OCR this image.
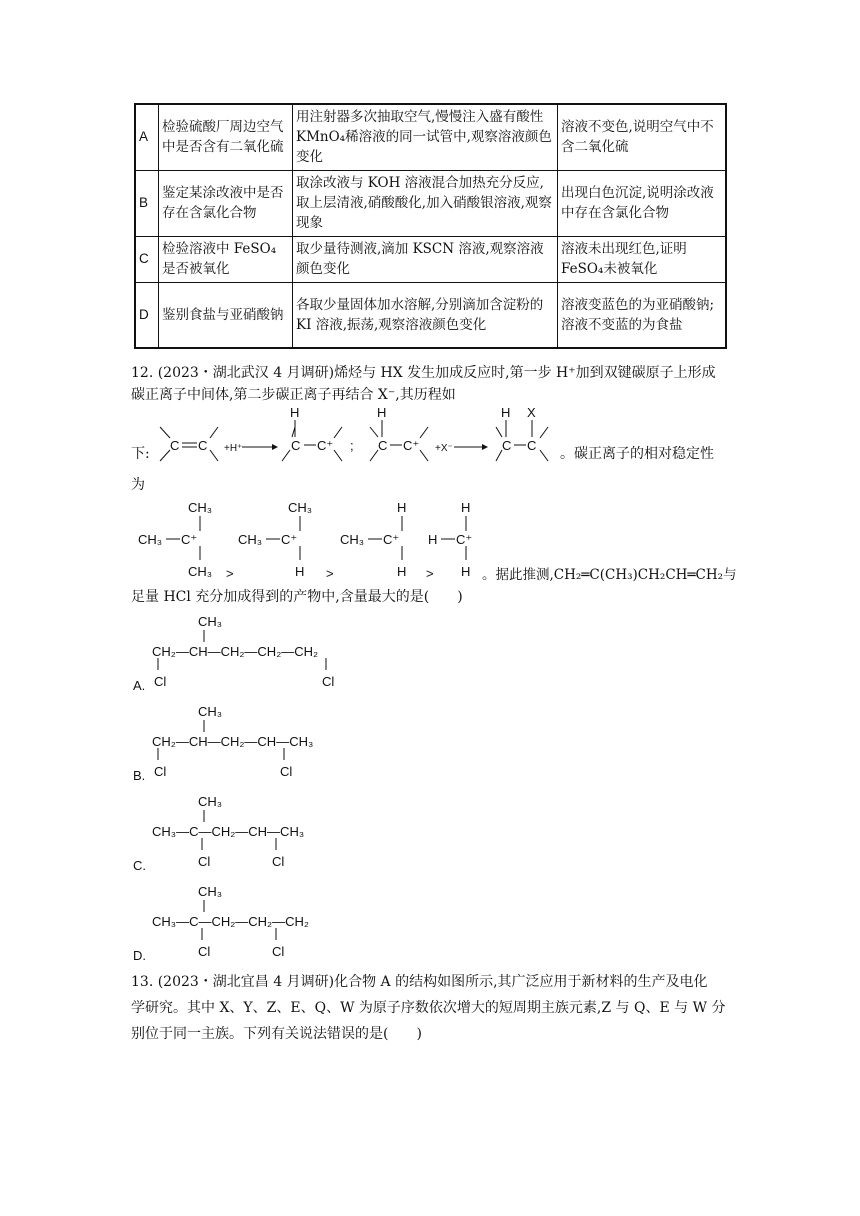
A	检验硫酸厂周边空气中是否含有二氧化硫	用注射器多次抽取空气,慢慢注入盛有酸性 KMnO₄稀溶液的同一试管中,观察溶液颜色变化	溶液不变色,说明空气中不含二氧化硫
B	鉴定某涂改液中是否存在含氯化合物	取涂改液与 KOH 溶液混合加热充分反应,取上层清液,硝酸酸化,加入硝酸银溶液,观察现象	出现白色沉淀,说明涂改液中存在含氯化合物
C	检验溶液中 FeSO₄是否被氧化	取少量待测液,滴加 KSCN 溶液,观察溶液颜色变化	溶液未出现红色,证明FeSO₄未被氧化
D	鉴别食盐与亚硝酸钠	各取少量固体加水溶解,分别滴加含淀粉的 KI 溶液,振荡,观察溶液颜色变化	溶液变蓝色的为亚硝酸钠;溶液不变蓝的为食盐
12. (2023・湖北武汉 4 月调研)烯烃与 HX 发生加成反应时,第一步 H⁺加到双键碳原子上形成
碳正离子中间体,第二步碳正离子再结合 X⁻,其历程如
下:
C C +H⁺
H
C C⁺ ;
H
C C⁺ +X⁻
H X
C C
。碳正离子的相对稳定性
为
CH₃
CH₃ C⁺
CH₃ >
CH₃
CH₃ C⁺
H >
H
CH₃ C⁺
H >
H
H C⁺
H 。据此推测,CH₂═C(CH₃)CH₂CH═CH₂与
足量 HCl 充分加成得到的产物中,含量最大的是(　　)
A.
CH₃
CH₂—CH—CH₂—CH₂—CH₂
Cl	Cl
B.
CH₃
CH₂—CH—CH₂—CH—CH₃
Cl	Cl
C.
CH₃
CH₃—C—CH₂—CH—CH₃
Cl	Cl
D.
CH₃
CH₃—C—CH₂—CH₂—CH₂
Cl	Cl
13. (2023・湖北宜昌 4 月调研)化合物 A 的结构如图所示,其广泛应用于新材料的生产及电化
学研究。其中 X、Y、Z、E、Q、W 为原子序数依次增大的短周期主族元素,Z 与 Q、E 与 W 分
别位于同一主族。下列有关说法错误的是(　　)
